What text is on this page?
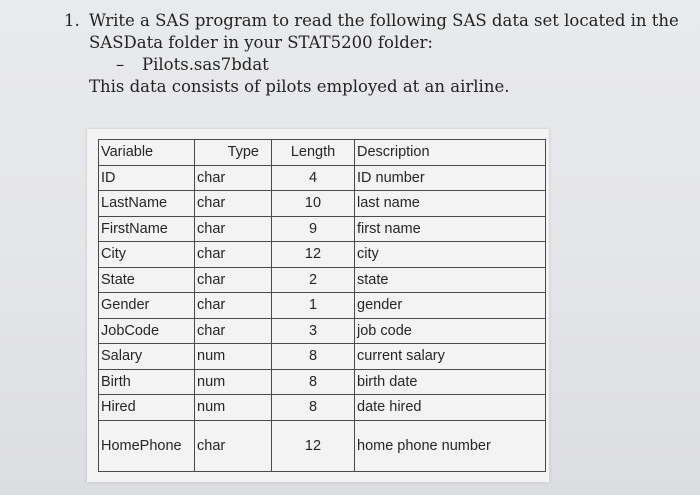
1. Write a SAS program to read the following SAS data set located in the
SASData folder in your STAT5200 folder:
– Pilots.sas7bdat
This data consists of pilots employed at an airline.
Variable	Type	Length	Description
ID	char	4	ID number
LastName	char	10	last name
FirstName	char	9	first name
City	char	12	city
State	char	2	state
Gender	char	1	gender
JobCode	char	3	job code
Salary	num	8	current salary
Birth	num	8	birth date
Hired	num	8	date hired
HomePhone	char	12	home phone number
